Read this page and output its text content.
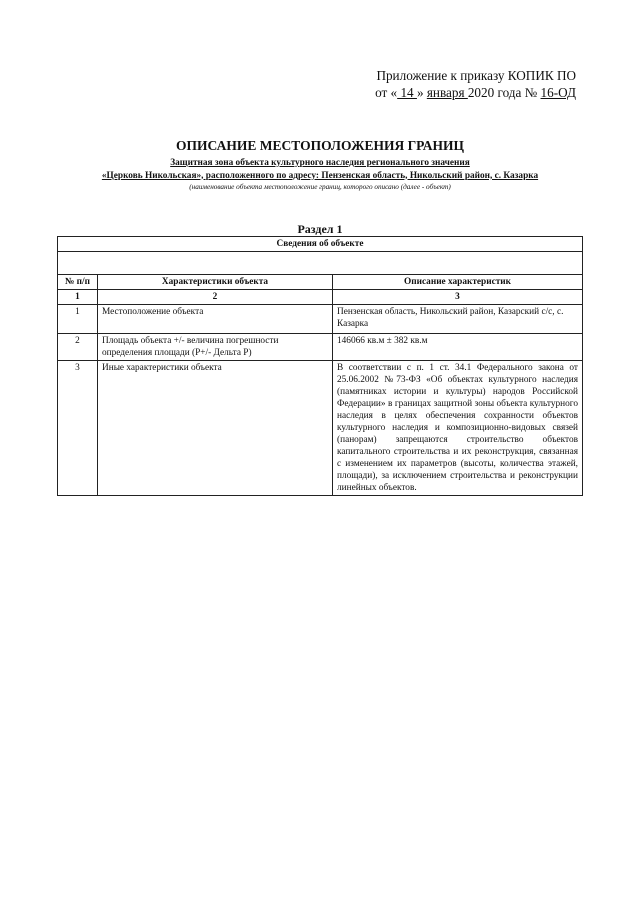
Приложение к приказу КОПИК ПО
от « 14 » января 2020 года № 16-ОД
ОПИСАНИЕ МЕСТОПОЛОЖЕНИЯ ГРАНИЦ
Защитная зона объекта культурного наследия регионального значения
«Церковь Никольская», расположенного по адресу: Пензенская область, Никольский район, с. Казарка
(наименование объекта местоположение границ, которого описано (далее - объект)
Раздел 1
Сведения об объекте		

№ п/п	Характеристики объекта	Описание характеристик
1	2	3
1	Местоположение объекта	Пензенская область, Никольский район, Казарский с/с, с. Казарка
2	Площадь объекта +/- величина погрешности определения площади (Р+/- Дельта Р)	146066 кв.м ± 382 кв.м
3	Иные характеристики объекта	В соответствии с п. 1 ст. 34.1 Федерального закона от 25.06.2002 №73-ФЗ «Об объектах культурного наследия (памятниках истории и культуры) народов Российской Федерации» в границах защитной зоны объекта культурного наследия в целях обеспечения сохранности объектов культурного наследия и композиционно-видовых связей (панорам) запрещаются строительство объектов капитального строительства и их реконструкция, связанная с изменением их параметров (высоты, количества этажей, площади), за исключением строительства и реконструкции линейных объектов.
